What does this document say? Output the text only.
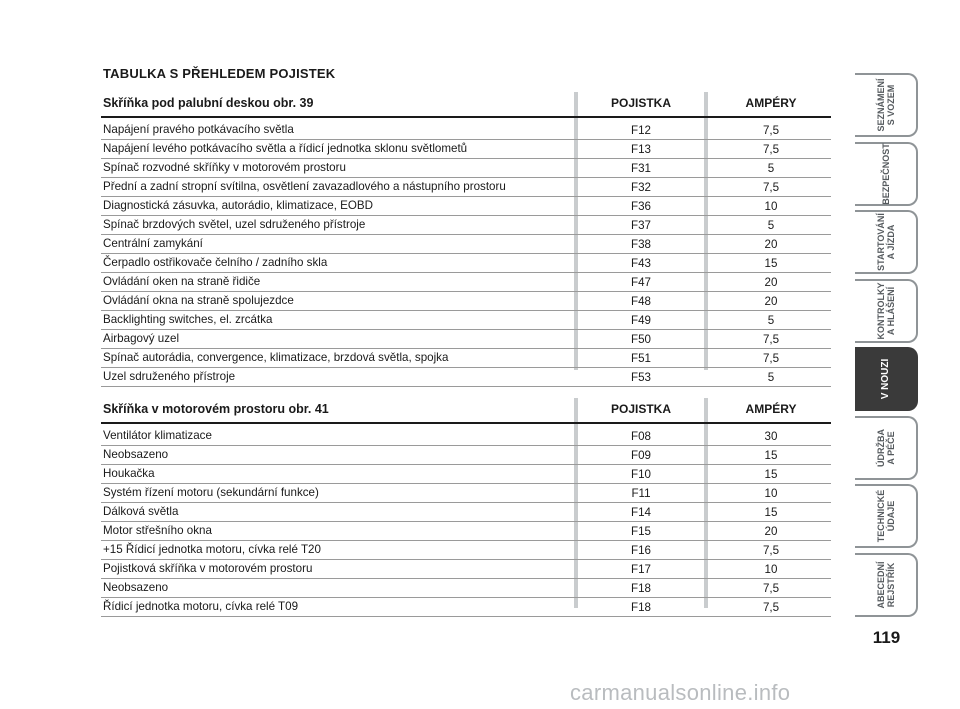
TABULKA S PŘEHLEDEM POJISTEK
Skříňka pod palubní deskou obr. 39	POJISTKA	AMPÉRY
Napájení pravého potkávacího světla	F12	7,5
Napájení levého potkávacího světla a řídicí jednotka sklonu světlometů	F13	7,5
Spínač rozvodné skříňky v motorovém prostoru	F31	5
Přední a zadní stropní svítilna, osvětlení zavazadlového a nástupního prostoru	F32	7,5
Diagnostická zásuvka, autorádio, klimatizace, EOBD	F36	10
Spínač brzdových světel, uzel sdruženého přístroje	F37	5
Centrální zamykání	F38	20
Čerpadlo ostřikovače čelního / zadního skla	F43	15
Ovládání oken na straně řidiče	F47	20
Ovládání okna na straně spolujezdce	F48	20
Backlighting switches, el. zrcátka	F49	5
Airbagový uzel	F50	7,5
Spínač autorádia, convergence, klimatizace, brzdová světla, spojka	F51	7,5
Uzel sdruženého přístroje	F53	5
Skříňka v motorovém prostoru obr. 41	POJISTKA	AMPÉRY
Ventilátor klimatizace	F08	30
Neobsazeno	F09	15
Houkačka	F10	15
Systém řízení motoru (sekundární funkce)	F11	10
Dálková světla	F14	15
Motor střešního okna	F15	20
+15 Řídicí jednotka motoru, cívka relé T20	F16	7,5
Pojistková skříňka v motorovém prostoru	F17	10
Neobsazeno	F18	7,5
Řídicí jednotka motoru, cívka relé T09	F18	7,5
SEZNÁMENÍ
S VOZEM
BEZPEČNOST
STARTOVÁNÍ
A JÍZDA
KONTROLKY
A HLÁŠENÍ
V NOUZI
ÚDRŽBA
A PÉČE
TECHNICKÉ
ÚDAJE
ABECEDNÍ
REJSTŘÍK
119
carmanualsonline.info
